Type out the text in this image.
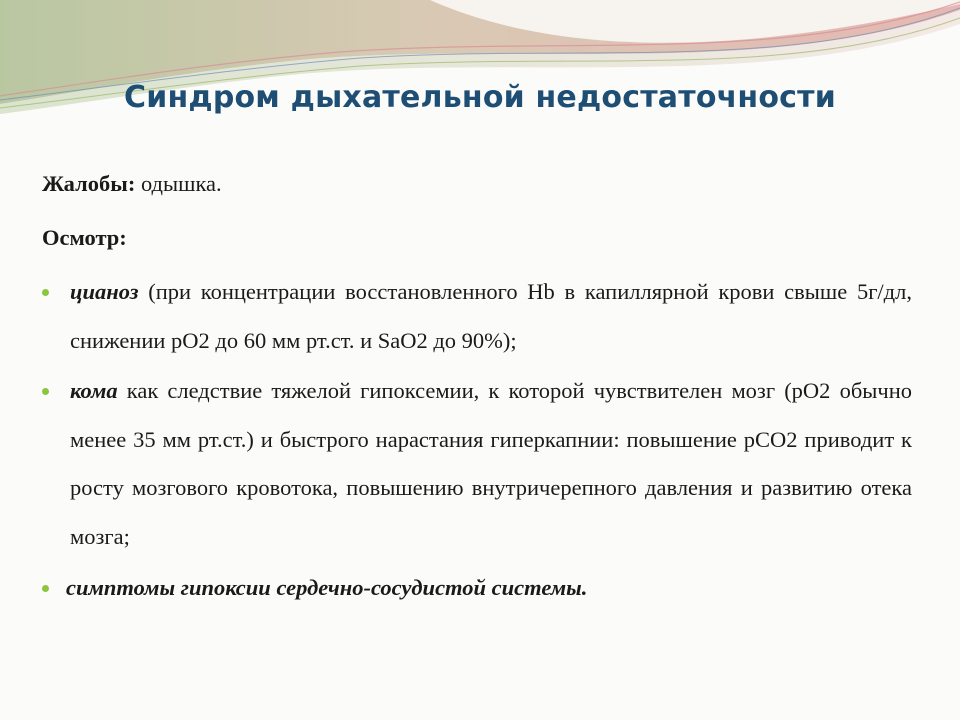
Синдром дыхательной недостаточности

Жалобы: одышка.

Осмотр:

цианоз (при концентрации восстановленного Hb в капиллярной крови свыше 5г/дл, снижении pO2 до 60 мм рт.ст. и SaO2 до 90%);
кома как следствие тяжелой гипоксемии, к которой чувствителен мозг (pO2 обычно менее 35 мм рт.ст.) и быстрого нарастания гиперкапнии: повышение pCO2 приводит к росту мозгового кровотока, повышению внутричерепного давления и развитию отека мозга;
симптомы гипоксии сердечно-сосудистой системы.
